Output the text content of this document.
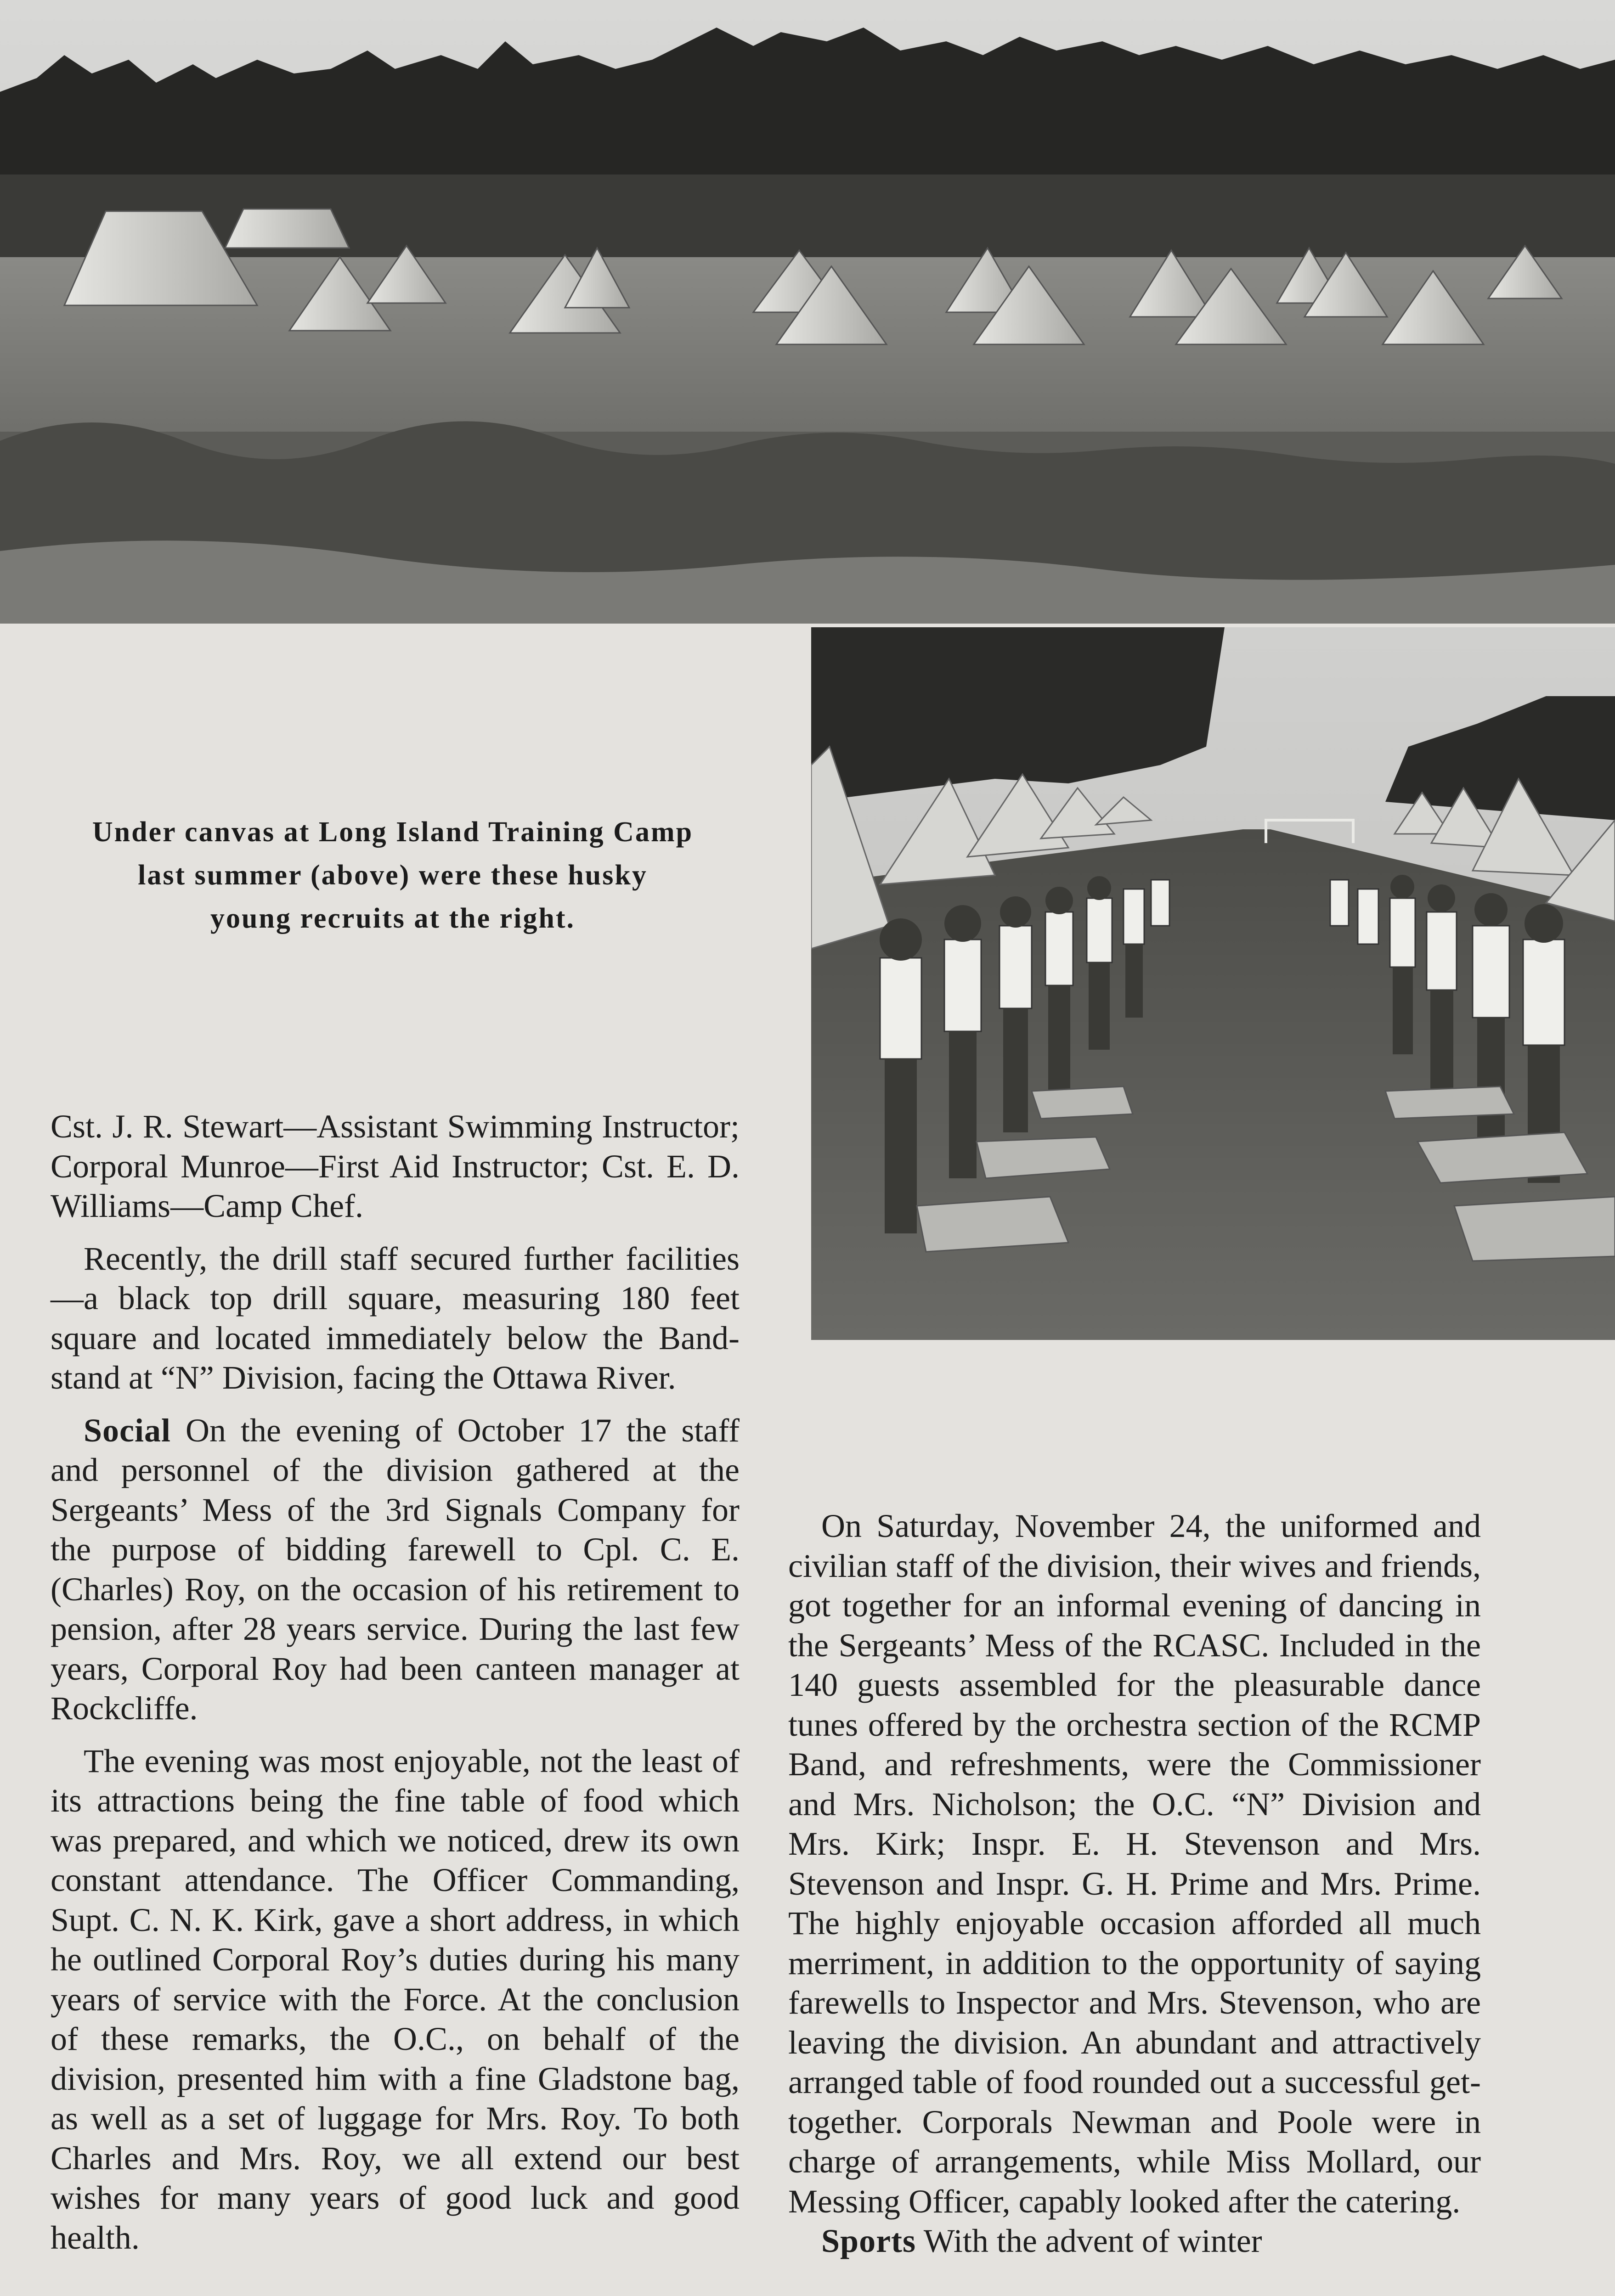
Under canvas at Long Island Training Camp
last summer (above) were these husky
young recruits at the right.

Cst. J. R. Stewart—Assistant Swimming Instructor; Corporal Munroe—First Aid Instructor; Cst. E. D. Williams—Camp Chef.

Recently, the drill staff secured further facilities—a black top drill square, measuring 180 feet square and located immediately below the Band-stand at “N” Division, facing the Ottawa River.

Social On the evening of October 17 the staff and personnel of the division gathered at the Sergeants’ Mess of the 3rd Signals Company for the purpose of bidding farewell to Cpl. C. E. (Charles) Roy, on the occasion of his retirement to pension, after 28 years service. During the last few years, Corporal Roy had been canteen manager at Rockcliffe.

The evening was most enjoyable, not the least of its attractions being the fine table of food which was prepared, and which we noticed, drew its own constant attendance. The Officer Commanding, Supt. C. N. K. Kirk, gave a short address, in which he outlined Corporal Roy’s duties during his many years of service with the Force. At the conclusion of these remarks, the O.C., on behalf of the division, presented him with a fine Gladstone bag, as well as a set of luggage for Mrs. Roy. To both Charles and Mrs. Roy, we all extend our best wishes for many years of good luck and good health.

On Saturday, November 24, the uniformed and civilian staff of the division, their wives and friends, got together for an informal evening of dancing in the Sergeants’ Mess of the RCASC. Included in the 140 guests assembled for the pleasurable dance tunes offered by the orchestra section of the RCMP Band, and refreshments, were the Commissioner and Mrs. Nicholson; the O.C. “N” Division and Mrs. Kirk; Inspr. E. H. Stevenson and Mrs. Stevenson and Inspr. G. H. Prime and Mrs. Prime. The highly enjoyable occasion afforded all much merriment, in addition to the opportunity of saying farewells to Inspector and Mrs. Stevenson, who are leaving the division. An abundant and attractively arranged table of food rounded out a successful get-together. Corporals Newman and Poole were in charge of arrangements, while Miss Mollard, our Messing Officer, capably looked after the catering.

Sports With the advent of winter
